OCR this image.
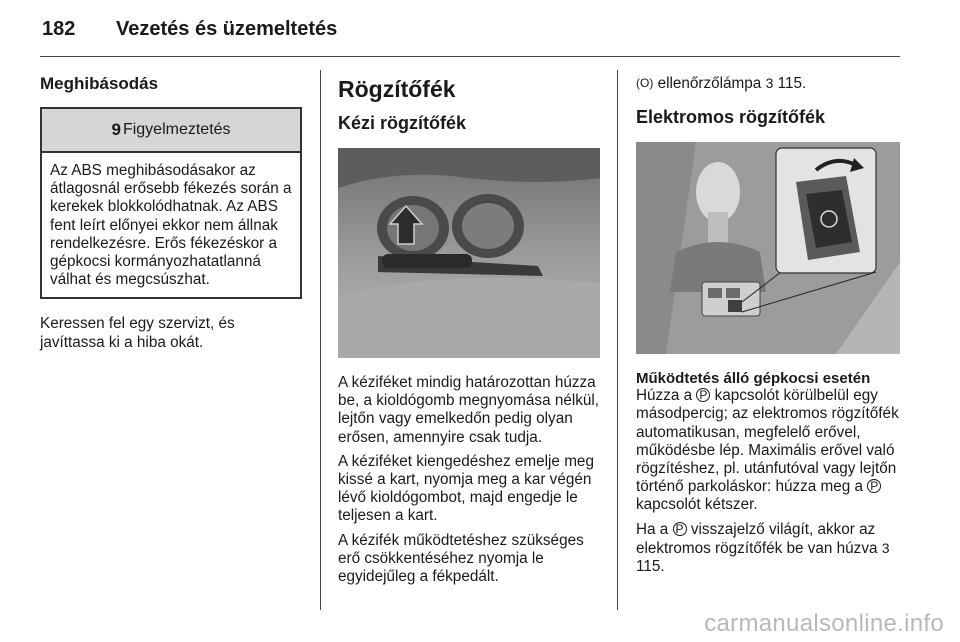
182 Vezetés és üzemeltetés
Meghibásodás
9 Figyelmeztetés

Az ABS meghibásodásakor az átlagosnál erősebb fékezés során a kerekek blokkolódhatnak. Az ABS fent leírt előnyei ekkor nem állnak rendelkezésre. Erős fékezéskor a gépkocsi kormányozhatatlanná válhat és megcsúszhat.

Keressen fel egy szervizt, és javíttassa ki a hiba okát.

Rögzítőfék
Kézi rögzítőfék

A kéziféket mindig határozottan húzza be, a kioldógomb megnyomása nélkül, lejtőn vagy emelkedőn pedig olyan erősen, amennyire csak tudja.

A kéziféket kiengedéshez emelje meg kissé a kart, nyomja meg a kar végén lévő kioldógombot, majd engedje le teljesen a kart.

A kézifék működtetéshez szükséges erő csökkentéséhez nyomja le egyidejűleg a fékpedált.

(O) ellenőrzőlámpa 3 115.

Elektromos rögzítőfék
Működtetés álló gépkocsi esetén

Húzza a P kapcsolót körülbelül egy másodpercig; az elektromos rögzítőfék automatikusan, megfelelő erővel, működésbe lép. Maximális erővel való rögzítéshez, pl. utánfutóval vagy lejtőn történő parkoláskor: húzza meg a P kapcsolót kétszer.

Ha a P visszajelző világít, akkor az elektromos rögzítőfék be van húzva 3 115.

carmanualsonline.info
